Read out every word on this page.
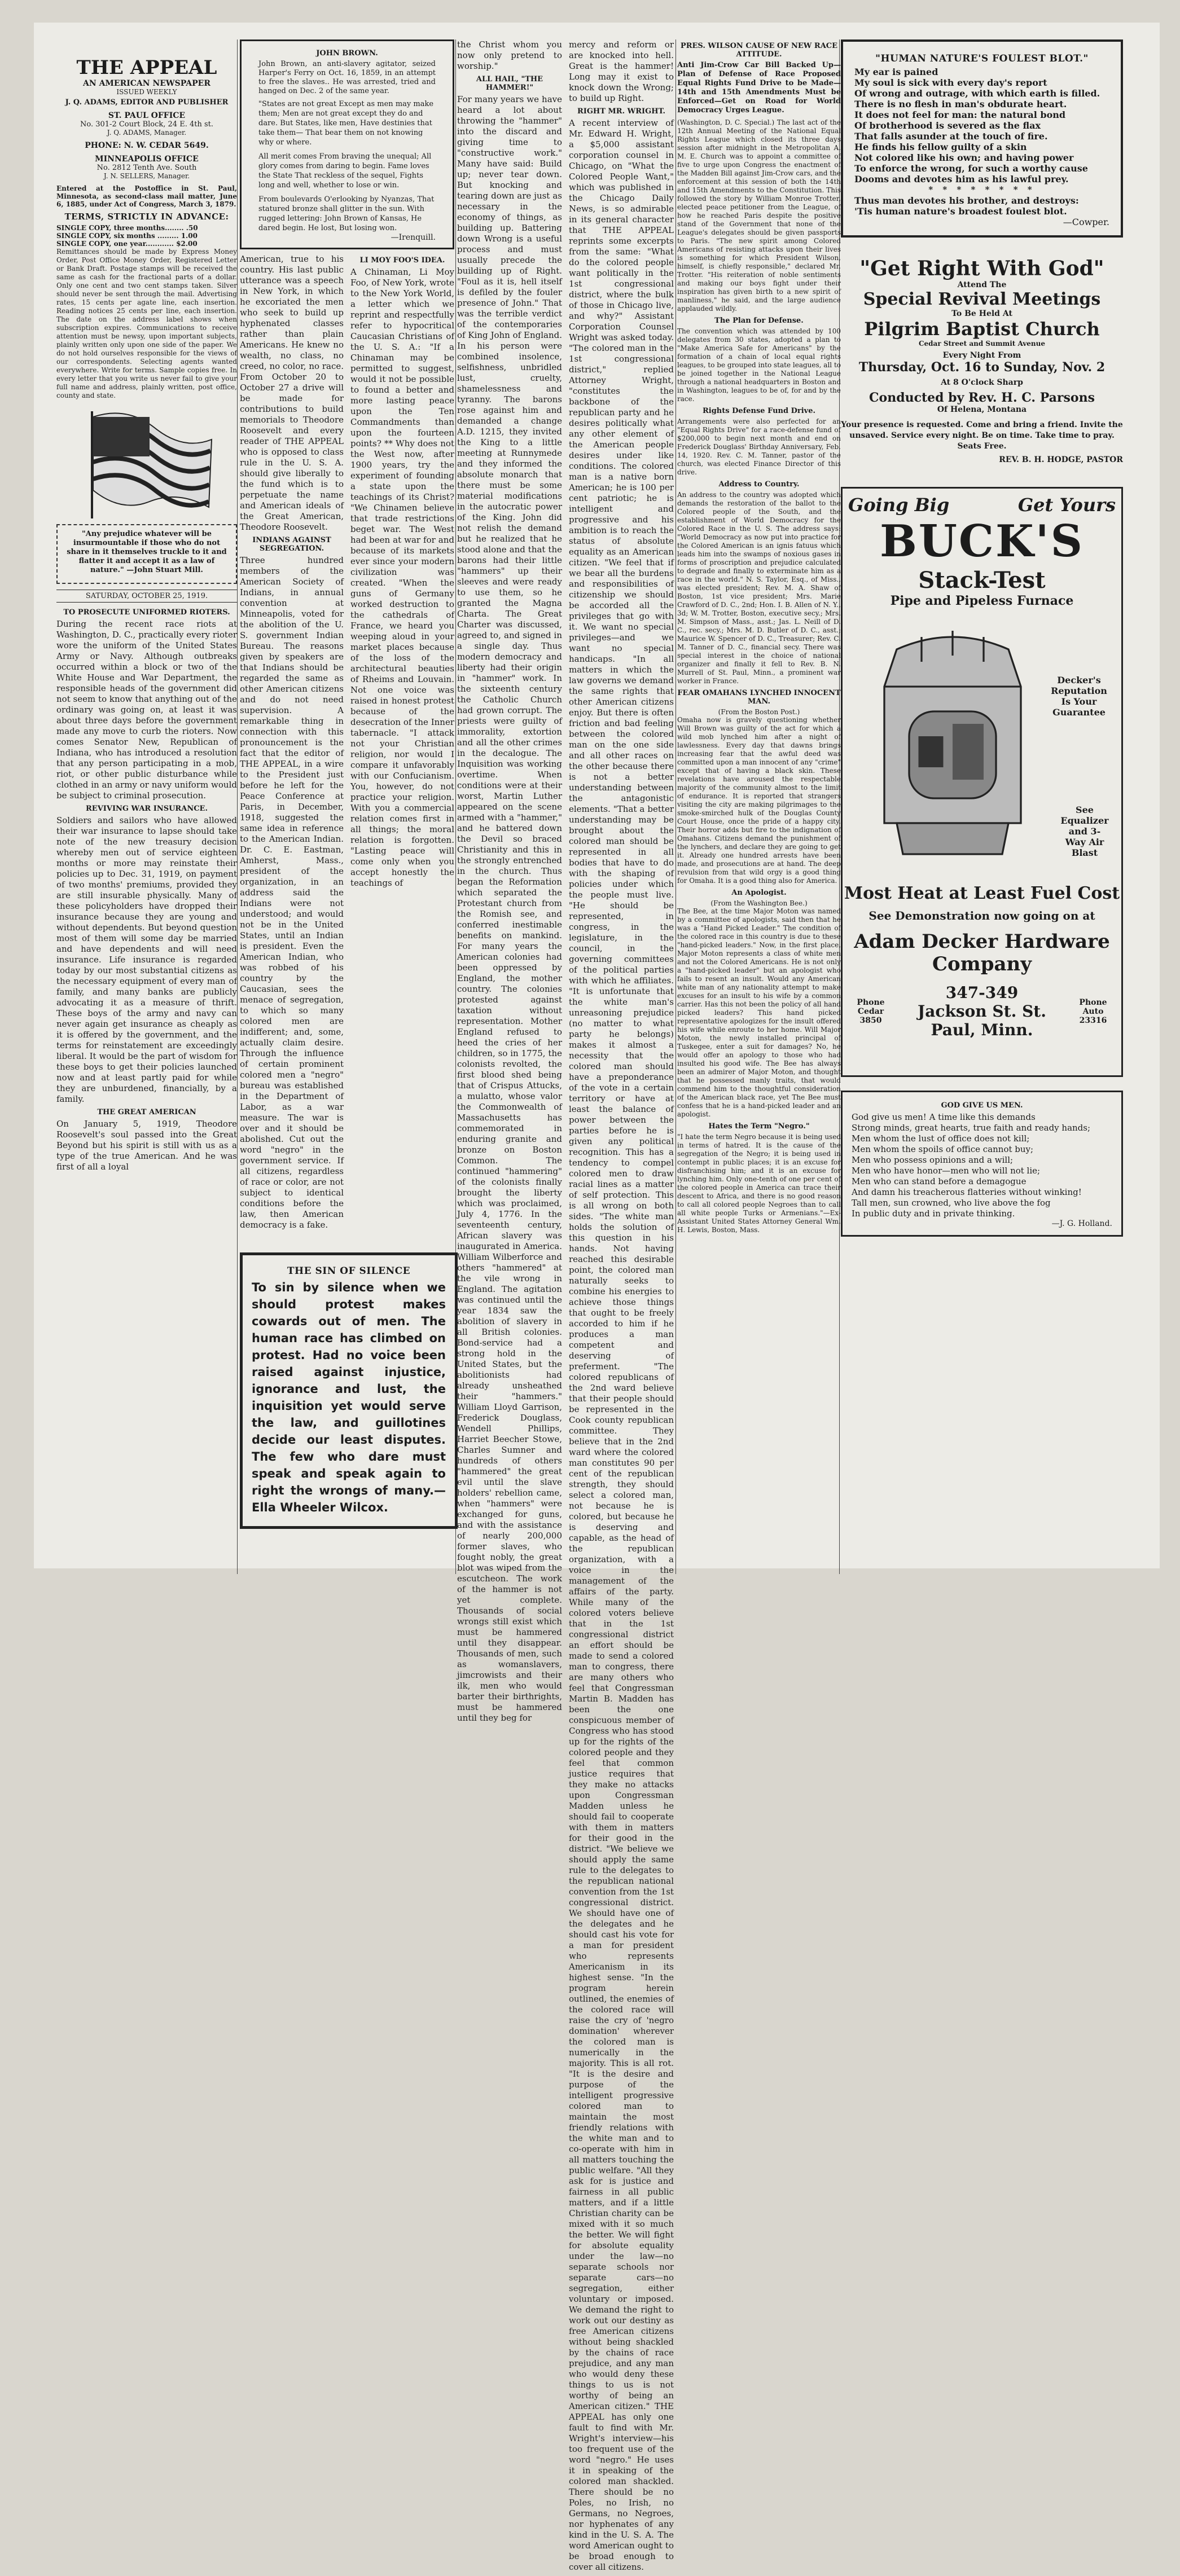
THE APPEAL
AN AMERICAN NEWSPAPER
ISSUED WEEKLY
J. Q. ADAMS, EDITOR AND PUBLISHER
ST. PAUL OFFICE
No. 301-2 Court Block, 24 E. 4th st.
J. Q. ADAMS, Manager.
PHONE: N. W. CEDAR 5649.
MINNEAPOLIS OFFICE
No. 2812 Tenth Ave. South
J. N. SELLERS, Manager.

Entered at the Postoffice in St. Paul, Minnesota, as second-class mail matter, June 6, 1885, under Act of Congress, March 3, 1879.

TERMS, STRICTLY IN ADVANCE:
SINGLE COPY, three months........ .50
SINGLE COPY, six months ......... 1.00
SINGLE COPY, one year............ $2.00

Remittances should be made by Express Money Order, Post Office Money Order, Registered Letter or Bank Draft. Postage stamps will be received the same as cash for the fractional parts of a dollar. Only one cent and two cent stamps taken. Silver should never be sent through the mail. Advertising rates, 15 cents per agate line, each insertion. Reading notices 25 cents per line, each insertion. The date on the address label shows when subscription expires. Communications to receive attention must be newsy, upon important subjects, plainly written only upon one side of the paper. We do not hold ourselves responsible for the views of our correspondents. Selecting agents wanted everywhere. Write for terms. Sample copies free. In every letter that you write us never fail to give your full name and address, plainly written, post office, county and state.

"Any prejudice whatever will be insurmountable if those who do not share in it themselves truckle to it and flatter it and accept it as a law of nature." —John Stuart Mill.

SATURDAY, OCTOBER 25, 1919.
TO PROSECUTE UNIFORMED RIOTERS.

During the recent race riots at Washington, D. C., practically every rioter wore the uniform of the United States Army or Navy. Although outbreaks occurred within a block or two of the White House and War Department, the responsible heads of the government did not seem to know that anything out of the ordinary was going on, at least it was about three days before the government made any move to curb the rioters. Now comes Senator New, Republican of Indiana, who has introduced a resolution that any person participating in a mob, riot, or other public disturbance while clothed in an army or navy uniform would be subject to criminal prosecution.

REVIVING WAR INSURANCE.

Soldiers and sailors who have allowed their war insurance to lapse should take note of the new treasury decision whereby men out of service eighteen months or more may reinstate their policies up to Dec. 31, 1919, on payment of two months' premiums, provided they are still insurable physically. Many of these policyholders have dropped their insurance because they are young and without dependents. But beyond question most of them will some day be married and have dependents and will need insurance. Life insurance is regarded today by our most substantial citizens as the necessary equipment of every man of family, and many banks are publicly advocating it as a measure of thrift. These boys of the army and navy can never again get insurance as cheaply as it is offered by the government, and the terms for reinstatement are exceedingly liberal. It would be the part of wisdom for these boys to get their policies launched now and at least partly paid for while they are unburdened, financially, by a family.

THE GREAT AMERICAN

On January 5, 1919, Theodore Roosevelt's soul passed into the Great Beyond but his spirit is still with us as a type of the true American. And he was first of all a loyal

JOHN BROWN.

John Brown, an anti-slavery agitator, seized Harper's Ferry on Oct. 16, 1859, in an attempt to free the slaves.. He was arrested, tried and hanged on Dec. 2 of the same year.

"States are not great Except as men may make them; Men are not great except they do and dare. But States, like men, Have destinies that take them— That bear them on not knowing why or where.

All merit comes From braving the unequal; All glory comes from daring to begin. Fame loves the State That reckless of the sequel, Fights long and well, whether to lose or win.

From boulevards O'erlooking by Nyanzas, That statured bronze shall glitter in the sun. With rugged lettering: John Brown of Kansas, He dared begin. He lost, But losing won.

—Irenquill.

American, true to his country. His last public utterance was a speech in New York, in which he excoriated the men who seek to build up hyphenated classes rather than plain Americans. He knew no wealth, no class, no creed, no color, no race. From October 20 to October 27 a drive will be made for contributions to build memorials to Theodore Roosevelt and every reader of THE APPEAL who is opposed to class rule in the U. S. A. should give liberally to the fund which is to perpetuate the name and American ideals of the Great American, Theodore Roosevelt.

INDIANS AGAINST SEGREGATION.

Three hundred members of the American Society of Indians, in annual convention at Minneapolis, voted for the abolition of the U. S. government Indian Bureau. The reasons given by speakers are that Indians should be regarded the same as other American citizens and do not need supervision. A remarkable thing in connection with this pronouncement is the fact that the editor of THE APPEAL, in a wire to the President just before he left for the Peace Conference at Paris, in December, 1918, suggested the same idea in reference to the American Indian. Dr. C. E. Eastman, Amherst, Mass., president of the organization, in an address said the Indians were not understood; and would not be in the United States, until an Indian is president. Even the American Indian, who was robbed of his country by the Caucasian, sees the menace of segregation, to which so many colored men are indifferent; and, some, actually claim desire. Through the influence of certain prominent colored men a "negro" bureau was established in the Department of Labor, as a war measure. The war is over and it should be abolished. Cut out the word "negro" in the government service. If all citizens, regardless of race or color, are not subject to identical conditions before the law, then American democracy is a fake.

LI MOY FOO'S IDEA.

A Chinaman, Li Moy Foo, of New York, wrote to the New York World, a letter which we reprint and respectfully refer to hypocritical Caucasian Christians of the U. S. A.: "If a Chinaman may be permitted to suggest, would it not be possible to found a better and more lasting peace upon the Ten Commandments than upon the fourteen points? ** Why does not the West now, after 1900 years, try the experiment of founding a state upon the teachings of its Christ? "We Chinamen believe that trade restrictions beget war. The West had been at war for and because of its markets ever since your modern civilization was created. "When the guns of Germany worked destruction to the cathedrals of France, we heard you weeping aloud in your market places because of the loss of the architectural beauties of Rheims and Louvain. Not one voice was raised in honest protest because of the desecration of the Inner tabernacle. "I attack not your Christian religion, nor would I compare it unfavorably with our Confucianism. You, however, do not practice your religion. With you a commercial relation comes first in all things; the moral relation is forgotten. "Lasting peace will come only when you accept honestly the teachings of

THE SIN OF SILENCE

To sin by silence when we should protest makes cowards out of men. The human race has climbed on protest. Had no voice been raised against injustice, ignorance and lust, the inquisition yet would serve the law, and guillotines decide our least disputes. The few who dare must speak and speak again to right the wrongs of many.—Ella Wheeler Wilcox.

the Christ whom you now only pretend to worship."

ALL HAIL, "THE HAMMER!"

For many years we have heard a lot about throwing the "hammer" into the discard and giving time to "constructive work." Many have said: Build up; never tear down. But knocking and tearing down are just as necessary in the economy of things, as building up. Battering down Wrong is a useful process and must usually precede the building up of Right. "Foul as it is, hell itself is defiled by the fouler presence of John." That was the terrible verdict of the contemporaries of King John of England. In his person were combined insolence, selfishness, unbridled lust, cruelty, shamelessness and tyranny. The barons rose against him and demanded a change A.D. 1215, they invited the King to a little meeting at Runnymede and they informed the absolute monarch that there must be some material modifications in the autocratic power of the King. John did not relish the demand but he realized that he stood alone and that the barons had their little "hammers" up their sleeves and were ready to use them, so he granted the Magna Charta. The Great Charter was discussed, agreed to, and signed in a single day. Thus modern democracy and liberty had their origin in "hammer" work. In the sixteenth century the Catholic Church had grown corrupt. The priests were guilty of immorality, extortion and all the other crimes in the decalogue. The Inquisition was working overtime. When conditions were at their worst, Martin Luther appeared on the scene armed with a "hammer," and he battered down the Devil so braced Christianity and this in the strongly entrenched in the church. Thus began the Reformation which separated the Protestant church from the Romish see, and conferred inestimable benefits on mankind. For many years the American colonies had been oppressed by England, the mother country. The colonies protested against taxation without representation. Mother England refused to heed the cries of her children, so in 1775, the colonists revolted, the first blood shed being that of Crispus Attucks, a mulatto, whose valor the Commonwealth of Massachusetts has commemorated in enduring granite and bronze on Boston Common. The continued "hammering" of the colonists finally brought the liberty which was proclaimed, July 4, 1776. In the seventeenth century, African slavery was inaugurated in America. William Wilberforce and others "hammered" at the vile wrong in England. The agitation was continued until the year 1834 saw the abolition of slavery in all British colonies. Bond-service had a strong hold in the United States, but the abolitionists had already unsheathed their "hammers." William Lloyd Garrison, Frederick Douglass, Wendell Phillips, Harriet Beecher Stowe, Charles Sumner and hundreds of others "hammered" the great evil until the slave holders' rebellion came, when "hammers" were exchanged for guns, and with the assistance of nearly 200,000 former slaves, who fought nobly, the great blot was wiped from the escutcheon. The work of the hammer is not yet complete. Thousands of social wrongs still exist which must be hammered until they disappear. Thousands of men, such as womanslavers, jimcrowists and their ilk, men who would barter their birthrights, must be hammered until they beg for

mercy and reform or are knocked into hell. Great is the hammer! Long may it exist to knock down the Wrong; to build up Right.

RIGHT MR. WRIGHT.

A recent interview of Mr. Edward H. Wright, a $5,000 assistant corporation counsel in Chicago, on "What the Colored People Want," which was published in the Chicago Daily News, is so admirable in its general character that THE APPEAL reprints some excerpts from the same: "What do the colored people want politically in the 1st congressional district, where the bulk of those in Chicago live, and why?" Assistant Corporation Counsel Wright was asked today. "The colored man in the 1st congressional district," replied Attorney Wright, "constitutes the backbone of the republican party and he desires politically what any other element of the American people desires under like conditions. The colored man is a native born American; he is 100 per cent patriotic; he is intelligent and progressive and his ambition is to reach the status of absolute equality as an American citizen. "We feel that if we bear all the burdens and responsibilities of citizenship we should be accorded all the privileges that go with it. We want no special privileges—and we want no special handicaps. "In all matters in which the law governs we demand the same rights that other American citizens enjoy. But there is often friction and bad feeling between the colored man on the one side and all other races on the other because there is not a better understanding between the antagonistic elements. "That a better understanding may be brought about the colored man should be represented in all bodies that have to do with the shaping of policies under which the people must live. "He should be represented, in congress, in the legislature, in the council, in the governing committees of the political parties with which he affiliates. "It is unfortunate that the white man's unreasoning prejudice (no matter to what party he belongs) makes it almost a necessity that the colored man should have a preponderance of the vote in a certain territory or have at least the balance of power between the parties before he is given any political recognition. This has a tendency to compel colored men to draw racial lines as a matter of self protection. This is all wrong on both sides. "The white man holds the solution of this question in his hands. Not having reached this desirable point, the colored man naturally seeks to combine his energies to achieve those things that ought to be freely accorded to him if he produces a man competent and deserving of preferment. "The colored republicans of the 2nd ward believe that their people should be represented in the Cook county republican committee. They believe that in the 2nd ward where the colored man constitutes 90 per cent of the republican strength, they should select a colored man, not because he is colored, but because he is deserving and capable, as the head of the republican organization, with a voice in the management of the affairs of the party. While many of the colored voters believe that in the 1st congressional district an effort should be made to send a colored man to congress, there are many others who feel that Congressman Martin B. Madden has been the one conspicuous member of Congress who has stood up for the rights of the colored people and they feel that common justice requires that they make no attacks upon Congressman Madden unless he should fail to cooperate with them in matters for their good in the district. "We believe we should apply the same rule to the delegates to the republican national convention from the 1st congressional district. We should have one of the delegates and he should cast his vote for a man for president who represents Americanism in its highest sense. "In the program herein outlined, the enemies of the colored race will raise the cry of 'negro domination' wherever the colored man is numerically in the majority. This is all rot. "It is the desire and purpose of the intelligent progressive colored man to maintain the most friendly relations with the white man and to co-operate with him in all matters touching the public welfare. "All they ask for is justice and fairness in all public matters, and if a little Christian charity can be mixed with it so much the better. We will fight for absolute equality under the law—no separate schools nor separate cars—no segregation, either voluntary or imposed. We demand the right to work out our destiny as free American citizens without being shackled by the chains of race prejudice, and any man who would deny these things to us is not worthy of being an American citizen." THE APPEAL has only one fault to find with Mr. Wright's interview—his too frequent use of the word "negro." He uses it in speaking of the colored man shackled. There should be no Poles, no Irish, no Germans, no Negroes, nor hyphenates of any kind in the U. S. A. The word American ought to be broad enough to cover all citizens.

PRES. WILSON CAUSE OF NEW RACE ATTITUDE.

Anti Jim-Crow Car Bill Backed Up—Plan of Defense of Race Proposed Equal Rights Fund Drive to be Made—14th and 15th Amendments Must be Enforced—Get on Road for World Democracy Urges League.

(Washington, D. C. Special.) The last act of the 12th Annual Meeting of the National Equal Rights League which closed its three days session after midnight in the Metropolitan A. M. E. Church was to appoint a committee of five to urge upon Congress the enactment of the Madden Bill against Jim-Crow cars, and the enforcement at this session of both the 14th and 15th Amendments to the Constitution. This followed the story by William Monroe Trotter, elected peace petitioner from the League, of how he reached Paris despite the positive stand of the Government that none of the League's delegates should be given passports to Paris. "The new spirit among Colored Americans of resisting attacks upon their lives is something for which President Wilson, himself, is chiefly responsible," declared Mr. Trotter. "His reiteration of noble sentiments and making our boys fight under their inspiration has given birth to a new spirit of manliness," he said, and the large audience applauded wildly.

The Plan for Defense.

The convention which was attended by 100 delegates from 30 states, adopted a plan to "Make America Safe for Americans" by the formation of a chain of local equal rights leagues, to be grouped into state leagues, all to be joined together in the National League through a national headquarters in Boston and in Washington, leagues to be of, for and by the race.

Rights Defense Fund Drive.

Arrangements were also perfected for an "Equal Rights Drive" for a race-defense fund of $200,000 to begin next month and end on Frederick Douglass' Birthday Anniversary, Feb. 14, 1920. Rev. C. M. Tanner, pastor of the church, was elected Finance Director of this drive.

Address to Country.

An address to the country was adopted which demands the restoration of the ballot to the Colored people of the South, and the establishment of World Democracy for the Colored Race in the U. S. The address says: "World Democracy as now put into practice for the Colored American is an ignis fatuus which leads him into the swamps of noxious gases in forms of proscription and prejudice calculated to degrade and finally to exterminate him as a race in the world." N. S. Taylor, Esq., of Miss., was elected president; Rev. M. A. Shaw of Boston, 1st vice president; Mrs. Marie Crawford of D. C., 2nd; Hon. I. B. Allen of N. Y., 3d; W. M. Trotter, Boston, executive secy.; Mrs. M. Simpson of Mass., asst.; Jas. L. Neill of D. C., rec. secy.; Mrs. M. D. Butler of D. C., asst.; Maurice W. Spencer of D. C., Treasurer; Rev. C. M. Tanner of D. C., financial secy. There was special interest in the choice of national organizer and finally it fell to Rev. B. N. Murrell of St. Paul, Minn., a prominent war worker in France.

FEAR OMAHANS LYNCHED INNOCENT MAN.
(From the Boston Post.)

Omaha now is gravely questioning whether Will Brown was guilty of the act for which a wild mob lynched him after a night of lawlessness. Every day that dawns brings increasing fear that the awful deed was committed upon a man innocent of any "crime" except that of having a black skin. These revelations have aroused the respectable majority of the community almost to the limit of endurance. It is reported that strangers visiting the city are making pilgrimages to the smoke-smirched hulk of the Douglas County Court House, once the pride of a happy city. Their horror adds but fire to the indignation of Omahans. Citizens demand the punishment of the lynchers, and declare they are going to get it. Already one hundred arrests have been made, and prosecutions are at hand. The deep revulsion from that wild orgy is a good thing for Omaha. It is a good thing also for America.

An Apologist.
(From the Washington Bee.)

The Bee, at the time Major Moton was named by a committee of apologists, said then that he was a "Hand Picked Leader." The condition of the colored race in this country is due to these "hand-picked leaders." Now, in the first place, Major Moton represents a class of white men and not the Colored Americans. He is not only a "hand-picked leader" but an apologist who fails to resent an insult. Would any American white man of any nationality attempt to make excuses for an insult to his wife by a common carrier. Has this not been the policy of all hand picked leaders? This hand picked representative apologizes for the insult offered his wife while enroute to her home. Will Major Moton, the newly installed principal of Tuskegee, enter a suit for damages? No, he would offer an apology to those who had insulted his good wife. The Bee has always been an admirer of Major Moton, and thought that he possessed manly traits, that would commend him to the thoughtful consideration of the American black race, yet The Bee must confess that he is a hand-picked leader and an apologist.

Hates the Term "Negro."

"I hate the term Negro because it is being used in terms of hatred. It is the cause of the segregation of the Negro; it is being used in contempt in public places; it is an excuse for disfranchising him; and it is an excuse for lynching him. Only one-tenth of one per cent of the colored people in America can trace their descent to Africa, and there is no good reason to call all colored people Negroes than to call all white people Turks or Armenians."—Ex-Assistant United States Attorney General Wm. H. Lewis, Boston, Mass.

"HUMAN NATURE'S FOULEST BLOT."

My ear is pained

My soul is sick with every day's report

Of wrong and outrage, with which earth is filled.

There is no flesh in man's obdurate heart.

It does not feel for man: the natural bond

Of brotherhood is severed as the flax

That falls asunder at the touch of fire.

He finds his fellow guilty of a skin

Not colored like his own; and having power

To enforce the wrong, for such a worthy cause

Dooms and devotes him as his lawful prey.

* * * * * * * *

Thus man devotes his brother, and destroys:

'Tis human nature's broadest foulest blot.

—Cowper.
"Get Right With God"
Attend The
Special Revival Meetings
To Be Held At
Pilgrim Baptist Church
Cedar Street and Summit Avenue
Every Night From
Thursday, Oct. 16 to Sunday, Nov. 2
At 8 O'clock Sharp
Conducted by Rev. H. C. Parsons
Of Helena, Montana

Your presence is requested. Come and bring a friend. Invite the unsaved. Service every night. Be on time. Take time to pray. Seats Free.

REV. B. H. HODGE, PASTOR
Going Big	Get Yours
BUCK'S
Stack-Test
Pipe and Pipeless Furnace
Decker's Reputation Is Your Guarantee
See Equalizer and 3-Way Air Blast
Most Heat at Least Fuel Cost
See Demonstration now going on at
Adam Decker Hardware Company
Phone Cedar 3850
347-349 Jackson St. St. Paul, Minn.
Phone Auto 23316
GOD GIVE US MEN.

God give us men! A time like this demands

Strong minds, great hearts, true faith and ready hands;

Men whom the lust of office does not kill;

Men whom the spoils of office cannot buy;

Men who possess opinions and a will;

Men who have honor—men who will not lie;

Men who can stand before a demagogue

And damn his treacherous flatteries without winking!

Tall men, sun crowned, who live above the fog

In public duty and in private thinking.

—J. G. Holland.
